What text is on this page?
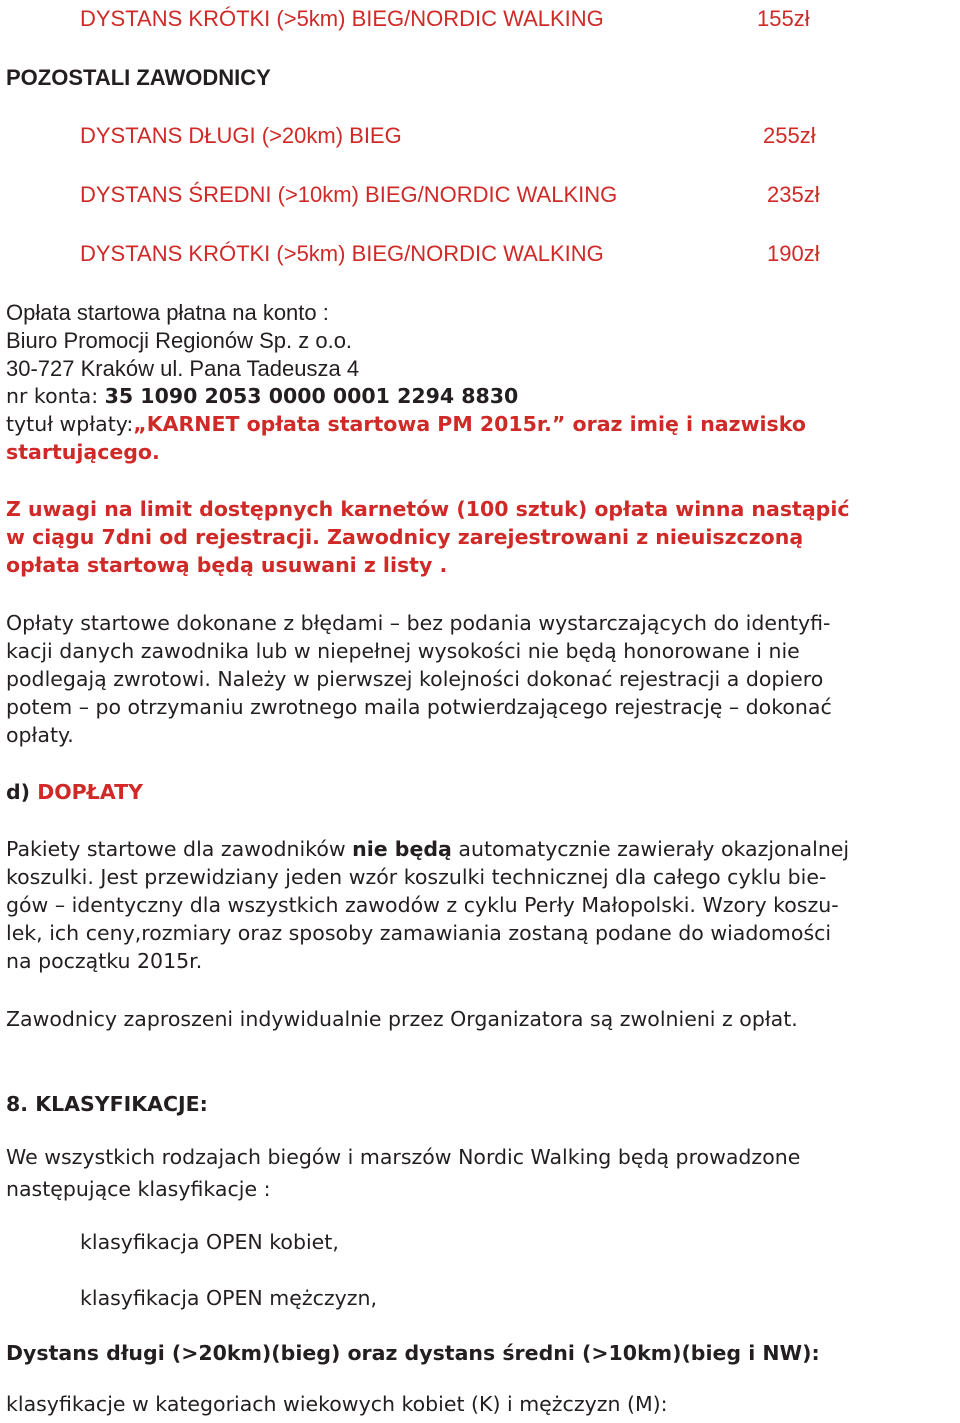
DYSTANS KRÓTKI (>5km) BIEG/NORDIC WALKING	155zł
POZOSTALI ZAWODNICY
DYSTANS DŁUGI (>20km) BIEG	255zł
DYSTANS ŚREDNI (>10km) BIEG/NORDIC WALKING	235zł
DYSTANS KRÓTKI (>5km) BIEG/NORDIC WALKING	190zł
Opłata startowa płatna na konto :
Biuro Promocji Regionów Sp. z o.o.
30-727 Kraków ul. Pana Tadeusza 4
nr konta: 35 1090 2053 0000 0001 2294 8830
tytuł wpłaty:„KARNET opłata startowa PM 2015r.” oraz imię i nazwisko
startującego.
Z uwagi na limit dostępnych karnetów (100 sztuk) opłata winna nastąpić
w ciągu 7dni od rejestracji. Zawodnicy zarejestrowani z nieuiszczoną
opłata startową będą usuwani z listy .
Opłaty startowe dokonane z błędami – bez podania wystarczających do identyfi-
kacji danych zawodnika lub w niepełnej wysokości nie będą honorowane i nie
podlegają zwrotowi. Należy w pierwszej kolejności dokonać rejestracji a dopiero
potem – po otrzymaniu zwrotnego maila potwierdzającego rejestrację – dokonać
opłaty.
d) DOPŁATY
Pakiety startowe dla zawodników nie będą automatycznie zawierały okazjonalnej
koszulki. Jest przewidziany jeden wzór koszulki technicznej dla całego cyklu bie-
gów – identyczny dla wszystkich zawodów z cyklu Perły Małopolski. Wzory koszu-
lek, ich ceny,rozmiary oraz sposoby zamawiania zostaną podane do wiadomości
na początku 2015r.
Zawodnicy zaproszeni indywidualnie przez Organizatora są zwolnieni z opłat.
8. KLASYFIKACJE:
We wszystkich rodzajach biegów i marszów Nordic Walking będą prowadzone
następujące klasyfikacje :
klasyfikacja OPEN kobiet,
klasyfikacja OPEN mężczyzn,
Dystans długi (>20km)(bieg) oraz dystans średni (>10km)(bieg i NW):
klasyfikacje w kategoriach wiekowych kobiet (K) i mężczyzn (M):
